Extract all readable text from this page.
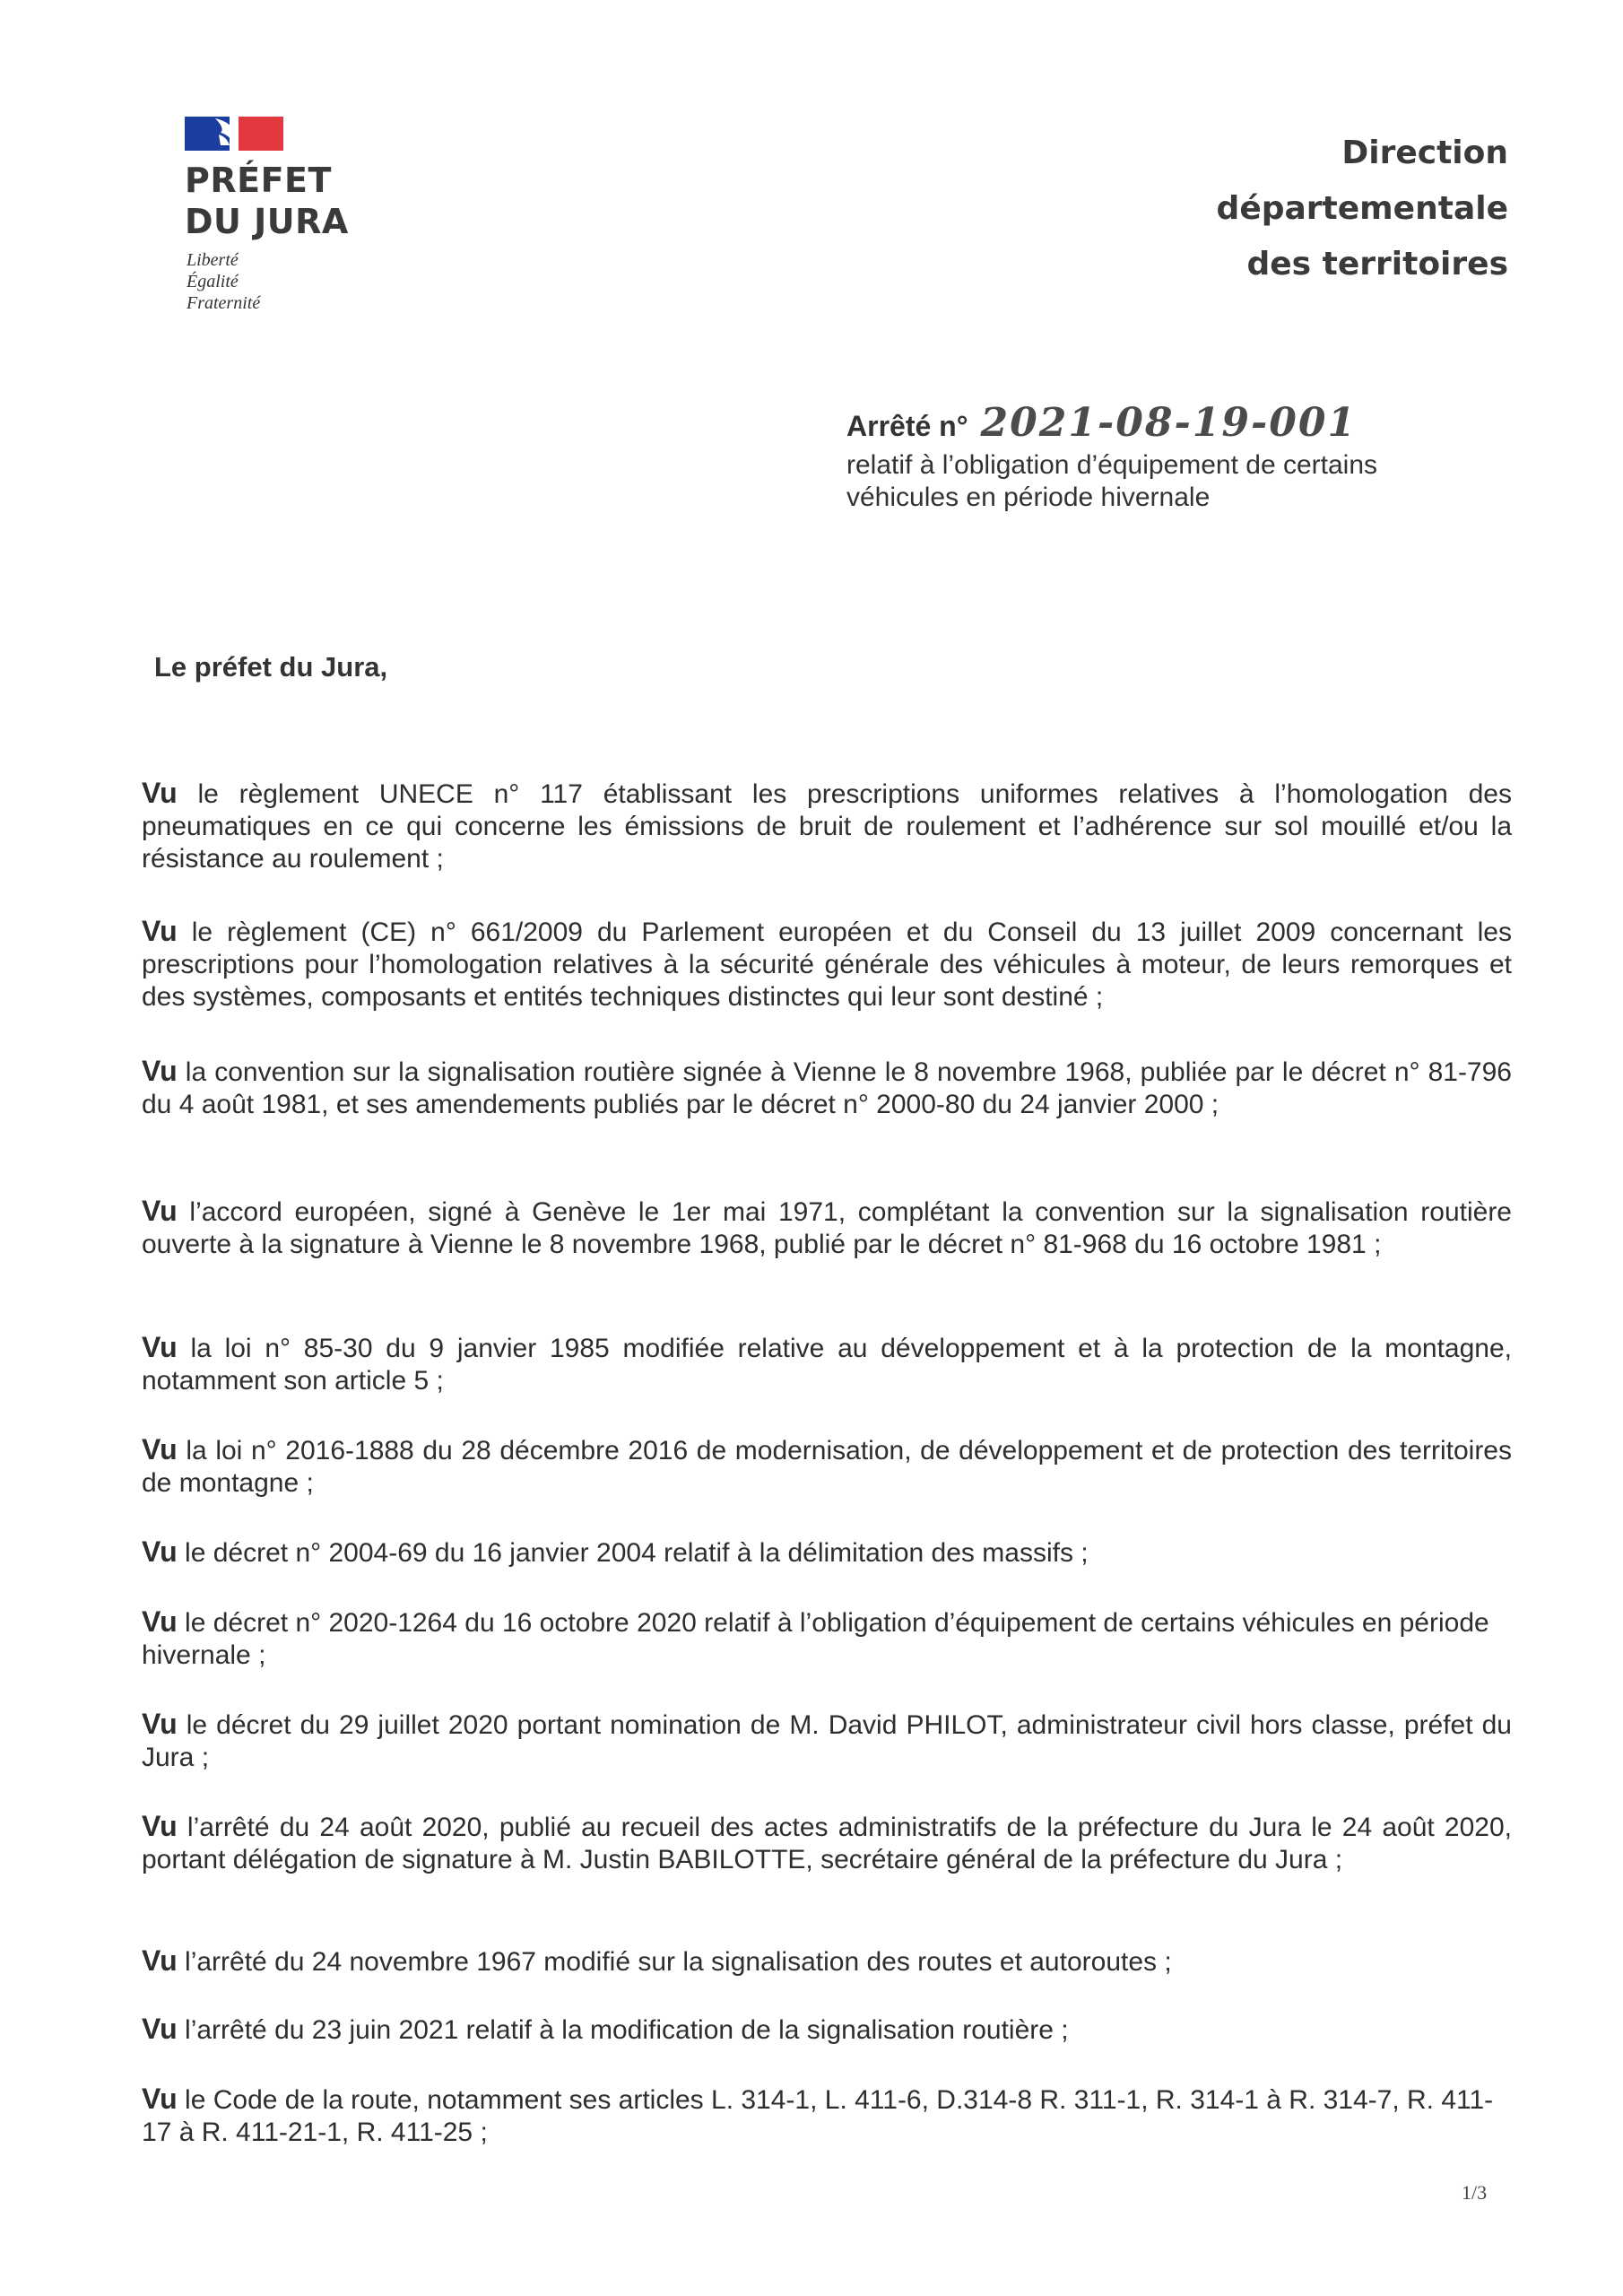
PRÉFET
DU JURA
Liberté
Égalité
Fraternité
Direction
départementale
des territoires
Arrêté n° 2021-08-19-001
relatif à l’obligation d’équipement de certains
véhicules en période hivernale
Le préfet du Jura,
Vu le règlement UNECE n° 117 établissant les prescriptions uniformes relatives à l’homologation des pneumatiques en ce qui concerne les émissions de bruit de roulement et l’adhérence sur sol mouillé et/ou la résistance au roulement ;
Vu le règlement (CE) n° 661/2009 du Parlement européen et du Conseil du 13 juillet 2009 concernant les prescriptions pour l’homologation relatives à la sécurité générale des véhicules à moteur, de leurs remorques et des systèmes, composants et entités techniques distinctes qui leur sont destiné ;
Vu la convention sur la signalisation routière signée à Vienne le 8 novembre 1968, publiée par le décret n° 81-796 du 4 août 1981, et ses amendements publiés par le décret n° 2000-80 du 24 janvier 2000 ;
Vu l’accord européen, signé à Genève le 1er mai 1971, complétant la convention sur la signalisation routière ouverte à la signature à Vienne le 8 novembre 1968, publié par le décret n° 81-968 du 16 octobre 1981 ;
Vu la loi n° 85-30 du 9 janvier 1985 modifiée relative au développement et à la protection de la montagne, notamment son article 5 ;
Vu la loi n° 2016-1888 du 28 décembre 2016 de modernisation, de développement et de protection des territoires de montagne ;
Vu le décret n° 2004-69 du 16 janvier 2004 relatif à la délimitation des massifs ;
Vu le décret n° 2020-1264 du 16 octobre 2020 relatif à l’obligation d’équipement de certains véhicules en période hivernale ;
Vu le décret du 29 juillet 2020 portant nomination de M. David PHILOT, administrateur civil hors classe, préfet du Jura ;
Vu l’arrêté du 24 août 2020, publié au recueil des actes administratifs de la préfecture du Jura le 24 août 2020, portant délégation de signature à M. Justin BABILOTTE, secrétaire général de la préfecture du Jura ;
Vu l’arrêté du 24 novembre 1967 modifié sur la signalisation des routes et autoroutes ;
Vu l’arrêté du 23 juin 2021 relatif à la modification de la signalisation routière ;
Vu le Code de la route, notamment ses articles L. 314-1, L. 411-6, D.314-8 R. 311-1, R. 314-1 à R. 314-7, R. 411-17 à R. 411-21-1, R. 411-25 ;
1/3
